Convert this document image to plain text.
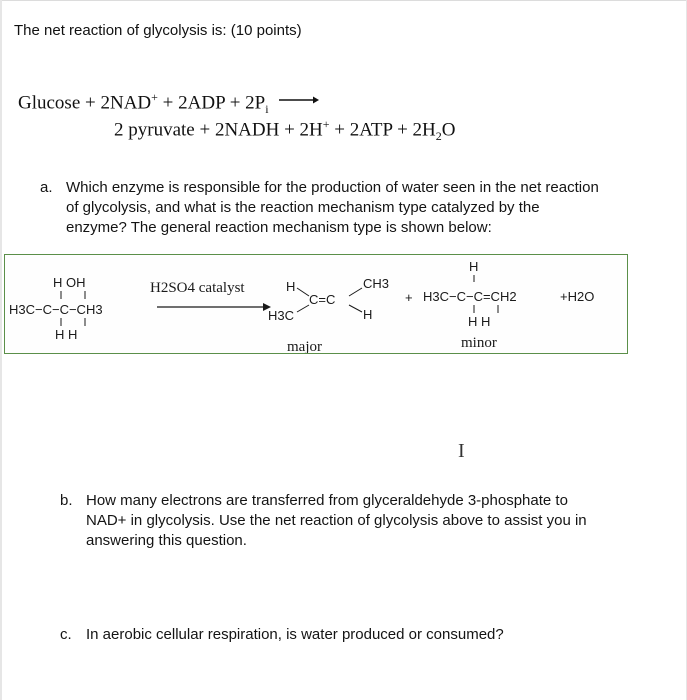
The net reaction of glycolysis is: (10 points)
$Glucose + 2NAD^+ + 2ADP + 2P_i$
2 pyruvate + 2NADH + $2H^+ + 2ATP + 2H_2O$
a. Which enzyme is responsible for the production of water seen in the net reaction of glycolysis, and what is the reaction mechanism type catalyzed by the enzyme? The general reaction mechanism type is shown below:
H OH
H3C−C−C−CH3
H H
H2SO4 catalyst	H
C=C
CH3
H3C	H
major
+
H
H3C−C−C=CH2
H H
+H2O
minor
I
b. How many electrons are transferred from glyceraldehyde 3-phosphate to NAD+ in glycolysis. Use the net reaction of glycolysis above to assist you in answering this question.
c. In aerobic cellular respiration, is water produced or consumed?
